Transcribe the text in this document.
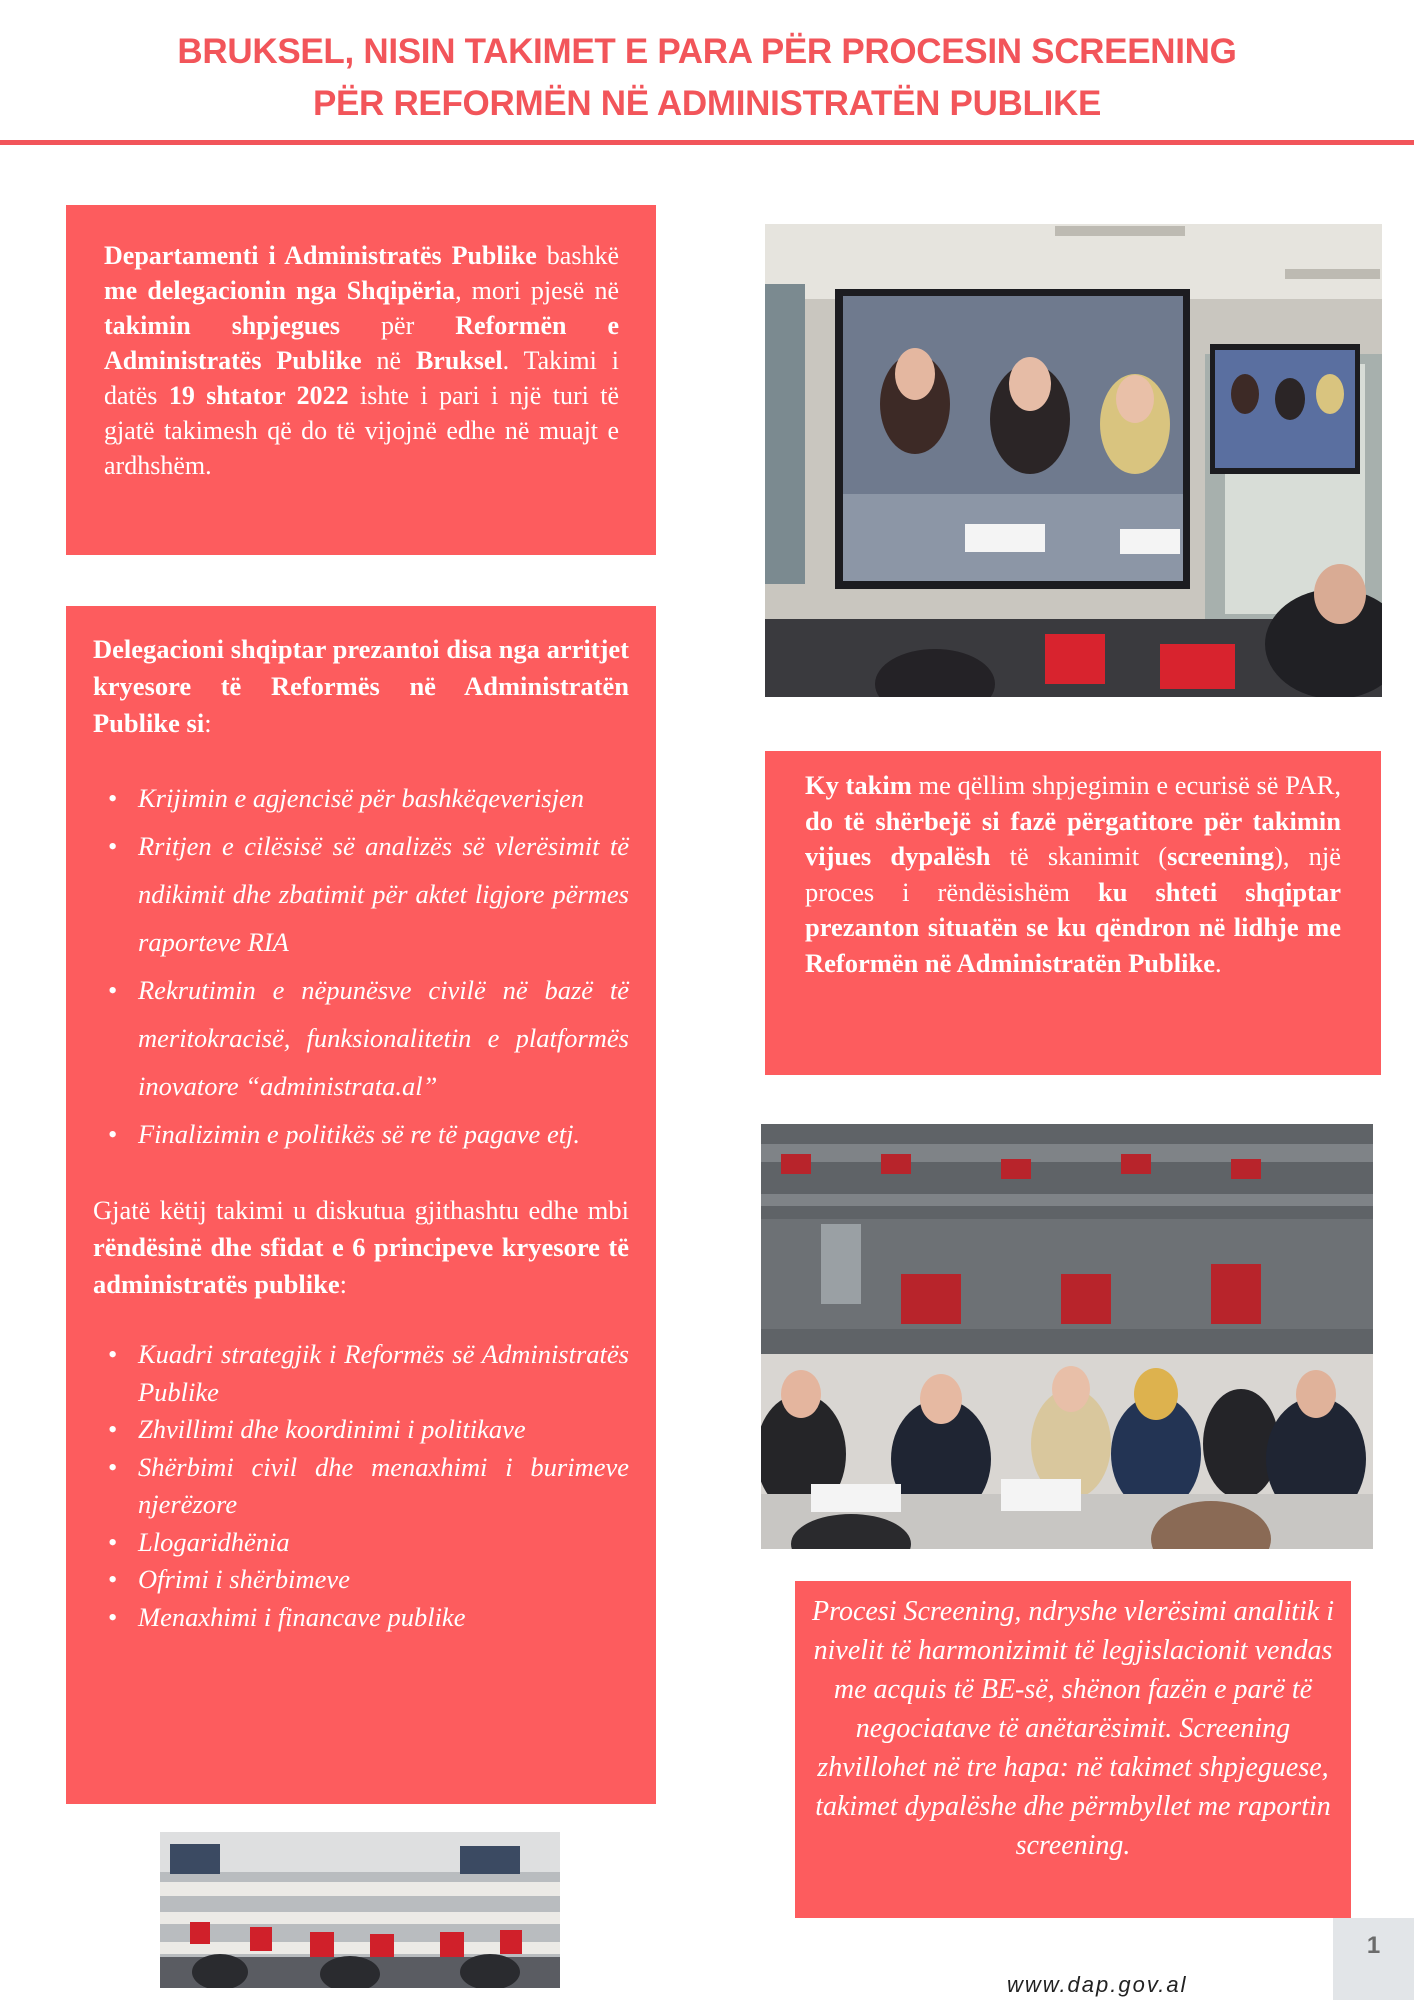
BRUKSEL, NISIN TAKIMET E PARA PËR PROCESIN SCREENING
PËR REFORMËN NË ADMINISTRATËN PUBLIKE

Departamenti i Administratës Publike bashkë me delegacionin nga Shqipëria, mori pjesë në takimin shpjegues për Reformën e Administratës Publike në Bruksel. Takimi i datës 19 shtator 2022 ishte i pari i një turi të gjatë takimesh që do të vijojnë edhe në muajt e ardhshëm.

Delegacioni shqiptar prezantoi disa nga arritjet kryesore të Reformës në Administratën Publike si:

• Krijimin e agjencisë për bashkëqeverisjen
• Rritjen e cilësisë së analizës së vlerësimit të ndikimit dhe zbatimit për aktet ligjore përmes raporteve RIA
• Rekrutimin e nëpunësve civilë në bazë të meritokracisë, funksionalitetin e platformës inovatore “administrata.al”
• Finalizimin e politikës së re të pagave etj.

Gjatë këtij takimi u diskutua gjithashtu edhe mbi rëndësinë dhe sfidat e 6 principeve kryesore të administratës publike:

• Kuadri strategjik i Reformës së Administratës Publike
• Zhvillimi dhe koordinimi i politikave
• Shërbimi civil dhe menaxhimi i burimeve njerëzore
• Llogaridhënia
• Ofrimi i shërbimeve
• Menaxhimi i financave publike

Ky takim me qëllim shpjegimin e ecurisë së PAR, do të shërbejë si fazë përgatitore për takimin vijues dypalësh të skanimit (screening), një proces i rëndësishëm ku shteti shqiptar prezanton situatën se ku qëndron në lidhje me Reformën në Administratën Publike.

Procesi Screening, ndryshe vlerësimi analitik i nivelit të harmonizimit të legjislacionit vendas me acquis të BE-së, shënon fazën e parë të negociatave të anëtarësimit. Screening zhvillohet në tre hapa: në takimet shpjeguese, takimet dypalëshe dhe përmbyllet me raportin screening.

www.dap.gov.al
1
